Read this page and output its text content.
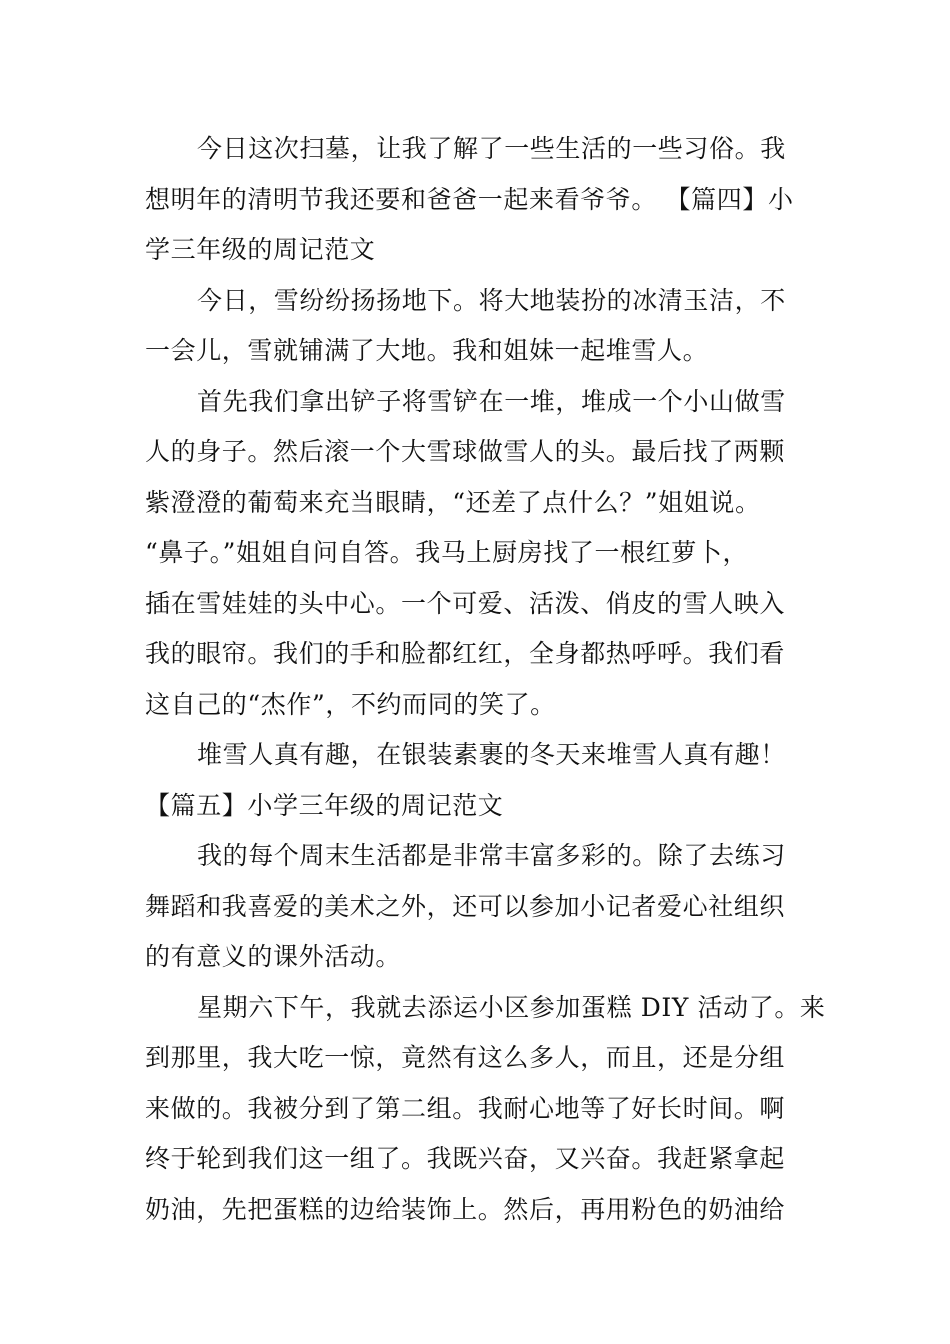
今日这次扫墓，让我了解了一些生活的一些习俗。我
想明年的清明节我还要和爸爸一起来看爷爷。 【篇四】小
学三年级的周记范文
今日，雪纷纷扬扬地下。将大地装扮的冰清玉洁，不
一会儿，雪就铺满了大地。我和姐妹一起堆雪人。
首先我们拿出铲子将雪铲在一堆，堆成一个小山做雪
人的身子。然后滚一个大雪球做雪人的头。最后找了两颗
紫澄澄的葡萄来充当眼睛，“还差了点什么？”姐姐说。
“鼻子。”姐姐自问自答。我马上厨房找了一根红萝卜，
插在雪娃娃的头中心。一个可爱、活泼、俏皮的雪人映入
我的眼帘。我们的手和脸都红红，全身都热呼呼。我们看
这自己的“杰作”，不约而同的笑了。
堆雪人真有趣，在银装素裹的冬天来堆雪人真有趣！
【篇五】小学三年级的周记范文
我的每个周末生活都是非常丰富多彩的。除了去练习
舞蹈和我喜爱的美术之外，还可以参加小记者爱心社组织
的有意义的课外活动。
星期六下午，我就去添运小区参加蛋糕 DIY 活动了。来
到那里，我大吃一惊，竟然有这么多人，而且，还是分组
来做的。我被分到了第二组。我耐心地等了好长时间。啊
终于轮到我们这一组了。我既兴奋，又兴奋。我赶紧拿起
奶油，先把蛋糕的边给装饰上。然后，再用粉色的奶油给
